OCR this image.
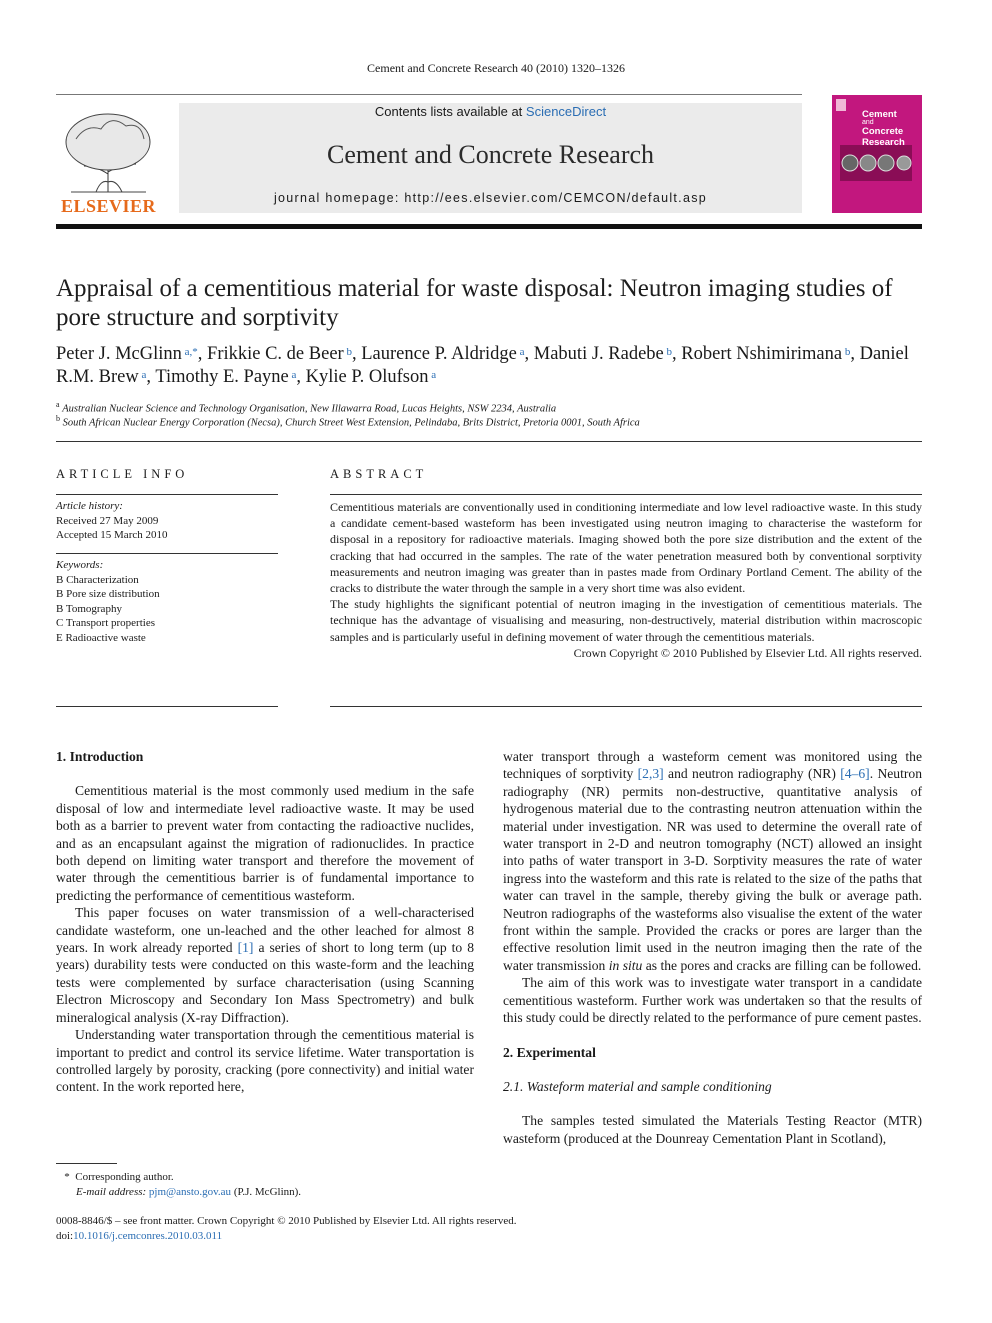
Cement and Concrete Research 40 (2010) 1320–1326
ELSEVIER
Contents lists available at ScienceDirect
Cement and Concrete Research
journal homepage: http://ees.elsevier.com/CEMCON/default.asp
Cement
and
Concrete
Research
Appraisal of a cementitious material for waste disposal: Neutron imaging studies of pore structure and sorptivity
Peter J. McGlinn $^{a,*}$, Frikkie C. de Beer $^b$, Laurence P. Aldridge $^a$, Mabuti J. Radebe $^b$, Robert Nshimirimana $^b$, Daniel R.M. Brew $^a$, Timothy E. Payne $^a$, Kylie P. Olufson $^a$
$^a$ Australian Nuclear Science and Technology Organisation, New Illawarra Road, Lucas Heights, NSW 2234, Australia
$^b$ South African Nuclear Energy Corporation (Necsa), Church Street West Extension, Pelindaba, Brits District, Pretoria 0001, South Africa
ARTICLE INFO
Article history:
Received 27 May 2009
Accepted 15 March 2010
Keywords:
B Characterization
B Pore size distribution
B Tomography
C Transport properties
E Radioactive waste
ABSTRACT

Cementitious materials are conventionally used in conditioning intermediate and low level radioactive waste. In this study a candidate cement-based wasteform has been investigated using neutron imaging to characterise the wasteform for disposal in a repository for radioactive materials. Imaging showed both the pore size distribution and the extent of the cracking that had occurred in the samples. The rate of the water penetration measured both by conventional sorptivity measurements and neutron imaging was greater than in pastes made from Ordinary Portland Cement. The ability of the cracks to distribute the water through the sample in a very short time was also evident.

The study highlights the significant potential of neutron imaging in the investigation of cementitious materials. The technique has the advantage of visualising and measuring, non-destructively, material distribution within macroscopic samples and is particularly useful in defining movement of water through the cementitious materials.

Crown Copyright © 2010 Published by Elsevier Ltd. All rights reserved.

1. Introduction

Cementitious material is the most commonly used medium in the safe disposal of low and intermediate level radioactive waste. It may be used both as a barrier to prevent water from contacting the radioactive nuclides, and as an encapsulant against the migration of radionuclides. In practice both depend on limiting water transport and therefore the movement of water through the cementitious barrier is of fundamental importance to predicting the performance of cementitious wasteform.

This paper focuses on water transmission of a well-characterised candidate wasteform, one un-leached and the other leached for almost 8 years. In work already reported [1] a series of short to long term (up to 8 years) durability tests were conducted on this waste-form and the leaching tests were complemented by surface characterisation (using Scanning Electron Microscopy and Secondary Ion Mass Spectrometry) and bulk mineralogical analysis (X-ray Diffraction).

Understanding water transportation through the cementitious material is important to predict and control its service lifetime. Water transportation is controlled largely by porosity, cracking (pore connectivity) and initial water content. In the work reported here,

water transport through a wasteform cement was monitored using the techniques of sorptivity [2,3] and neutron radiography (NR) [4–6]. Neutron radiography (NR) permits non-destructive, quantitative analysis of hydrogenous material due to the contrasting neutron attenuation within the material under investigation. NR was used to determine the overall rate of water transport in 2-D and neutron tomography (NCT) allowed an insight into paths of water transport in 3-D. Sorptivity measures the rate of water ingress into the wasteform and this rate is related to the size of the paths that water can travel in the sample, thereby giving the bulk or average path. Neutron radiographs of the wasteforms also visualise the extent of the water front within the sample. Provided the cracks or pores are larger than the effective resolution limit used in the neutron imaging then the rate of the water transmission in situ as the pores and cracks are filling can be followed.

The aim of this work was to investigate water transport in a candidate cementitious wasteform. Further work was undertaken so that the results of this study could be directly related to the performance of pure cement pastes.

2. Experimental

2.1. Wasteform material and sample conditioning

The samples tested simulated the Materials Testing Reactor (MTR) wasteform (produced at the Dounreay Cementation Plant in Scotland),

* Corresponding author.
E-mail address: pjm@ansto.gov.au (P.J. McGlinn).
0008-8846/$ – see front matter. Crown Copyright © 2010 Published by Elsevier Ltd. All rights reserved.
doi:10.1016/j.cemconres.2010.03.011
